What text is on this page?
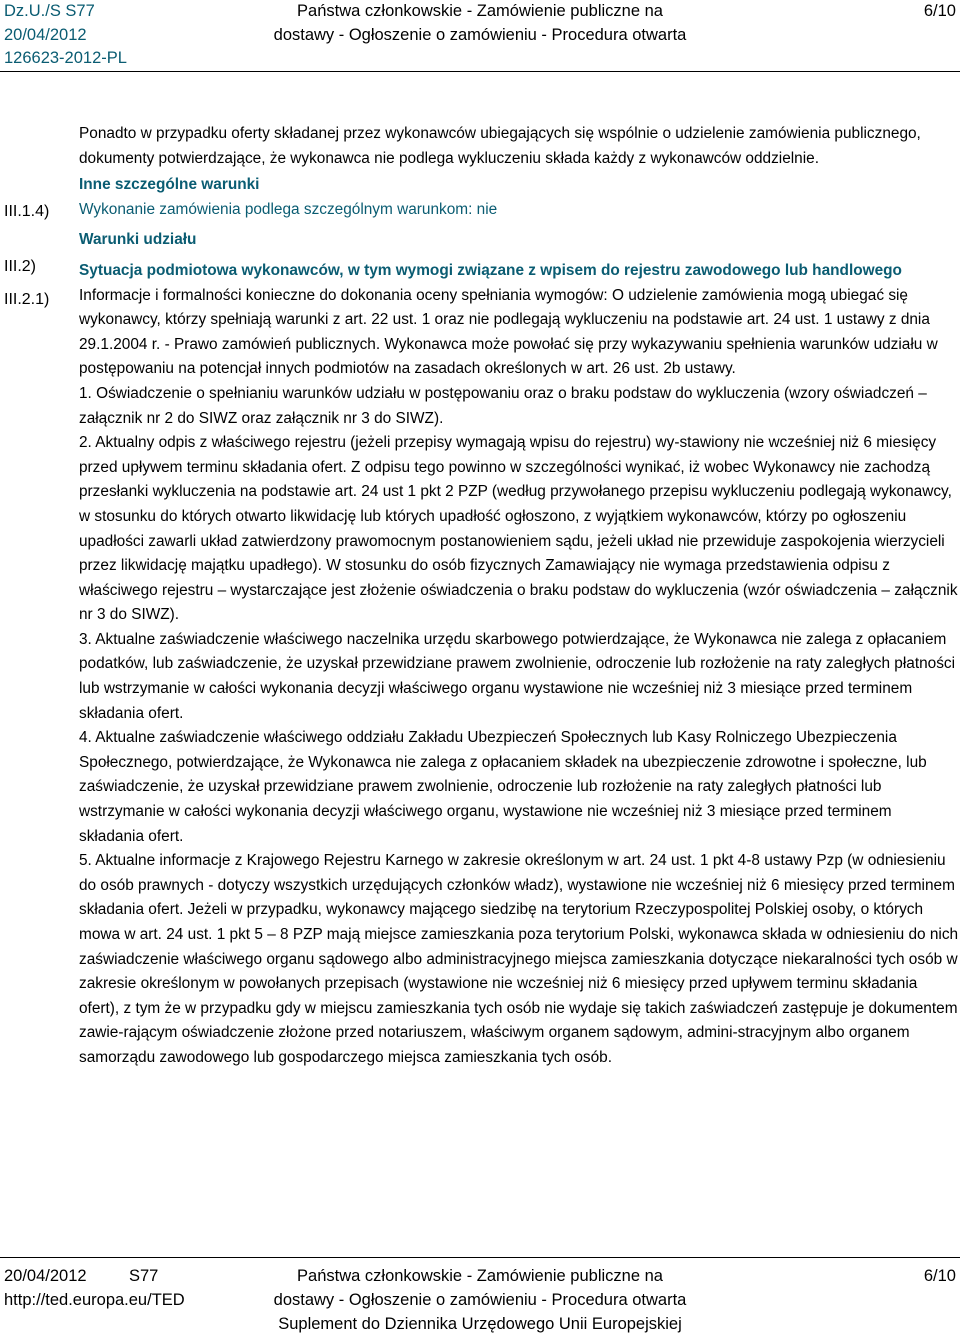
Dz.U./S S77
20/04/2012
126623-2012-PL
Państwa członkowskie - Zamówienie publiczne na
dostawy - Ogłoszenie o zamówieniu - Procedura otwarta
6/10
III.1.4)
III.2)
III.2.1)

Ponadto w przypadku oferty składanej przez wykonawców ubiegających się wspólnie o udzielenie zamówienia publicznego, dokumenty potwierdzające, że wykonawca nie podlega wykluczeniu składa każdy z wykonawców oddzielnie.

Inne szczególne warunki

Wykonanie zamówienia podlega szczególnym warunkom: nie

Warunki udziału

Sytuacja podmiotowa wykonawców, w tym wymogi związane z wpisem do rejestru zawodowego lub handlowego

Informacje i formalności konieczne do dokonania oceny spełniania wymogów: O udzielenie zamówienia mogą ubiegać się wykonawcy, którzy spełniają warunki z art. 22 ust. 1 oraz nie podlegają wykluczeniu na podstawie art. 24 ust. 1 ustawy z dnia 29.1.2004 r. - Prawo zamówień publicznych. Wykonawca może powołać się przy wykazywaniu spełnienia warunków udziału w postępowaniu na potencjał innych podmiotów na zasadach określonych w art. 26 ust. 2b ustawy.

1. Oświadczenie o spełnianiu warunków udziału w postępowaniu oraz o braku podstaw do wykluczenia (wzory oświadczeń – załącznik nr 2 do SIWZ oraz załącznik nr 3 do SIWZ).

2. Aktualny odpis z właściwego rejestru (jeżeli przepisy wymagają wpisu do rejestru) wy-stawiony nie wcześniej niż 6 miesięcy przed upływem terminu składania ofert. Z odpisu tego powinno w szczególności wynikać, iż wobec Wykonawcy nie zachodzą przesłanki wykluczenia na podstawie art. 24 ust 1 pkt 2 PZP (według przywołanego przepisu wykluczeniu podlegają wykonawcy, w stosunku do których otwarto likwidację lub których upadłość ogłoszono, z wyjątkiem wykonawców, którzy po ogłoszeniu upadłości zawarli układ zatwierdzony prawomocnym postanowieniem sądu, jeżeli układ nie przewiduje zaspokojenia wierzycieli przez likwidację majątku upadłego). W stosunku do osób fizycznych Zamawiający nie wymaga przedstawienia odpisu z właściwego rejestru – wystarczające jest złożenie oświadczenia o braku podstaw do wykluczenia (wzór oświadczenia – załącznik nr 3 do SIWZ).

3. Aktualne zaświadczenie właściwego naczelnika urzędu skarbowego potwierdzające, że Wykonawca nie zalega z opłacaniem podatków, lub zaświadczenie, że uzyskał przewidziane prawem zwolnienie, odroczenie lub rozłożenie na raty zaległych płatności lub wstrzymanie w całości wykonania decyzji właściwego organu wystawione nie wcześniej niż 3 miesiące przed terminem składania ofert.

4. Aktualne zaświadczenie właściwego oddziału Zakładu Ubezpieczeń Społecznych lub Kasy Rolniczego Ubezpieczenia Społecznego, potwierdzające, że Wykonawca nie zalega z opłacaniem składek na ubezpieczenie zdrowotne i społeczne, lub zaświadczenie, że uzyskał przewidziane prawem zwolnienie, odroczenie lub rozłożenie na raty zaległych płatności lub wstrzymanie w całości wykonania decyzji właściwego organu, wystawione nie wcześniej niż 3 miesiące przed terminem składania ofert.

5. Aktualne informacje z Krajowego Rejestru Karnego w zakresie określonym w art. 24 ust. 1 pkt 4-8 ustawy Pzp (w odniesieniu do osób prawnych - dotyczy wszystkich urzędujących członków władz), wystawione nie wcześniej niż 6 miesięcy przed terminem składania ofert. Jeżeli w przypadku, wykonawcy mającego siedzibę na terytorium Rzeczypospolitej Polskiej osoby, o których mowa w art. 24 ust. 1 pkt 5 – 8 PZP mają miejsce zamieszkania poza terytorium Polski, wykonawca składa w odniesieniu do nich zaświadczenie właściwego organu sądowego albo administracyjnego miejsca zamieszkania dotyczące niekaralności tych osób w zakresie określonym w powołanych przepisach (wystawione nie wcześniej niż 6 miesięcy przed upływem terminu składania ofert), z tym że w przypadku gdy w miejscu zamieszkania tych osób nie wydaje się takich zaświadczeń zastępuje je dokumentem zawie-rającym oświadczenie złożone przed notariuszem, właściwym organem sądowym, admini-stracyjnym albo organem samorządu zawodowego lub gospodarczego miejsca zamieszkania tych osób.

20/04/2012
http://ted.europa.eu/TED
S77	Państwa członkowskie - Zamówienie publiczne na
dostawy - Ogłoszenie o zamówieniu - Procedura otwarta
Suplement do Dziennika Urzędowego Unii Europejskiej
6/10
